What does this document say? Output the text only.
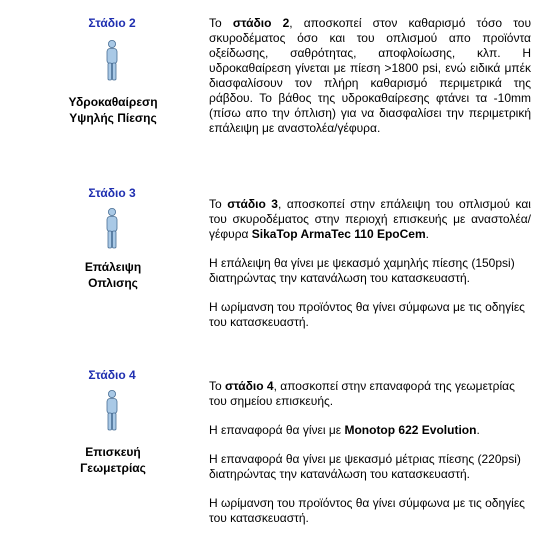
Στάδιο 2
Υδροκαθαίρεση
Υψηλής Πίεσης

Το στάδιο 2, αποσκοπεί στον καθαρισμό τόσο του σκυροδέματος όσο και του οπλισμού απο προϊόντα οξείδωσης, σαθρότητας, αποφλοίωσης, κλπ. Η υδροκαθαίρεση γίνεται με πίεση >1800 psi, ενώ ειδικά μπέκ διασφαλίσουν τον πλήρη καθαρισμό περιμετρικά της ράβδου. Το βάθος της υδροκαθαίρεσης φτάνει τα -10mm (πίσω απο την όπλιση) για να διασφαλίσει την περιμετρική επάλειψη με αναστολέα/γέφυρα.

Στάδιο 3
Επάλειψη
Οπλισης

Το στάδιο 3, αποσκοπεί στην επάλειψη του οπλισμού και του σκυροδέματος στην περιοχή επισκευής με αναστολέα/γέφυρα SikaTop ArmaTec 110 EpoCem.

Η επάλειψη θα γίνει με ψεκασμό χαμηλής πίεσης (150psi) διατηρώντας την κατανάλωση του κατασκευαστή.

Η ωρίμανση του προϊόντος θα γίνει σύμφωνα με τις οδηγίες του κατασκευαστή.

Στάδιο 4
Επισκευή
Γεωμετρίας

Το στάδιο 4, αποσκοπεί στην επαναφορά της γεωμετρίας του σημείου επισκευής.

Η επαναφορά θα γίνει με Monotop 622 Evolution.

Η επαναφορά θα γίνει με ψεκασμό μέτριας πίεσης (220psi) διατηρώντας την κατανάλωση του κατασκευαστή.

Η ωρίμανση του προϊόντος θα γίνει σύμφωνα με τις οδηγίες του κατασκευαστή.
